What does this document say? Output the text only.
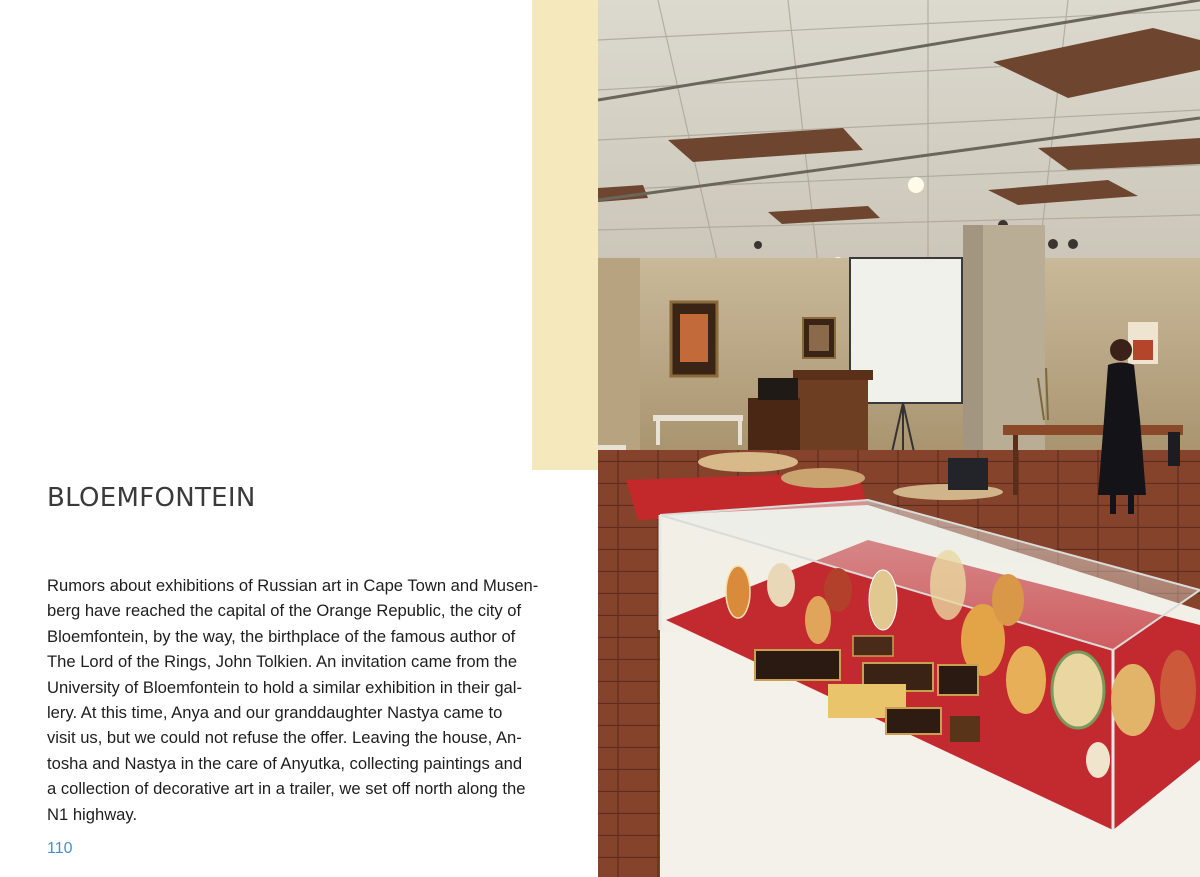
BLOEMFONTEIN

Rumors about exhibitions of Russian art in Cape Town and Musen-
berg have reached the capital of the Orange Republic, the city of
Bloemfontein, by the way, the birthplace of the famous author of
The Lord of the Rings, John Tolkien. An invitation came from the
University of Bloemfontein to hold a similar exhibition in their gal-
lery. At this time, Anya and our granddaughter Nastya came to
visit us, but we could not refuse the offer. Leaving the house, An-
tosha and Nastya in the care of Anyutka, collecting paintings and
a collection of decorative art in a trailer, we set off north along the
N1 highway.

110
